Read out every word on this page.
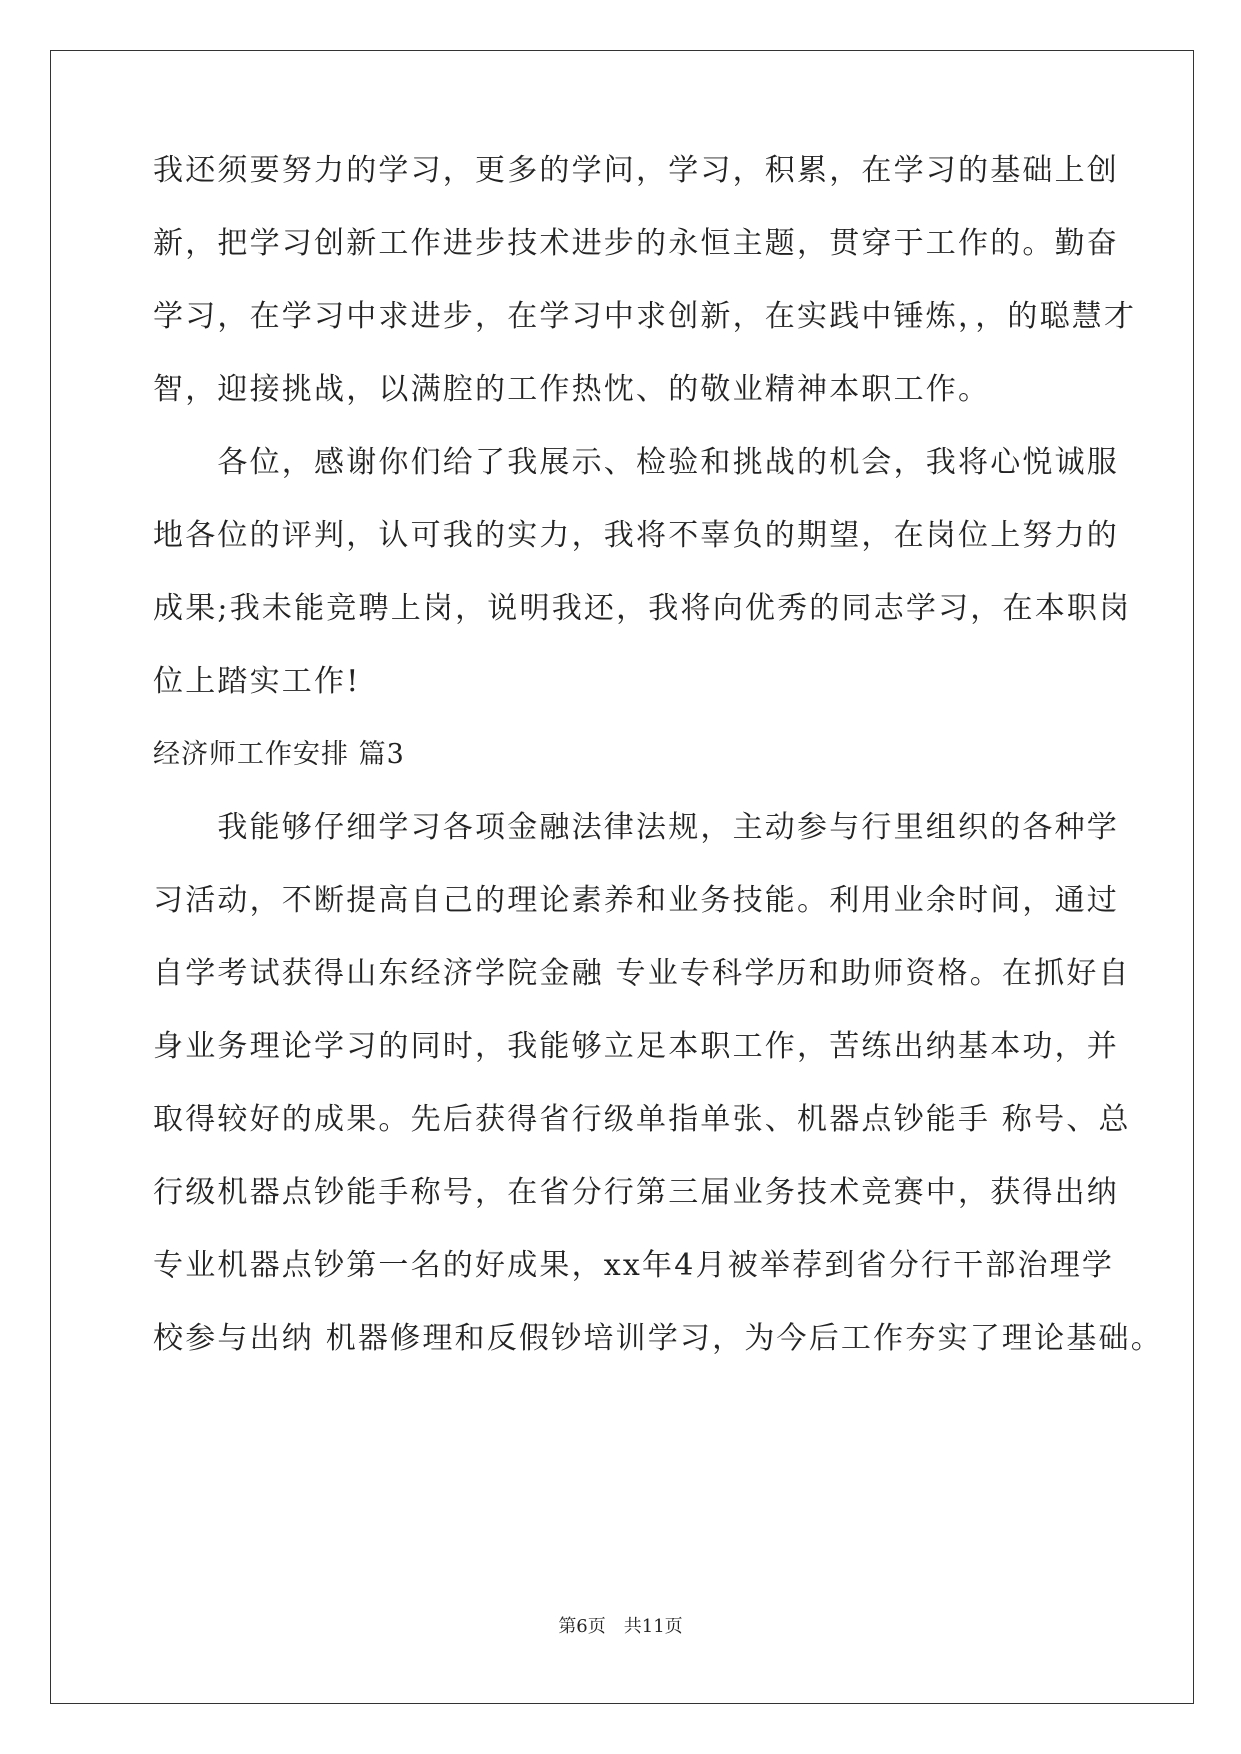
我还须要努力的学习，更多的学问，学习，积累，在学习的基础上创
新，把学习创新工作进步技术进步的永恒主题，贯穿于工作的。勤奋
学习，在学习中求进步，在学习中求创新，在实践中锤炼，，的聪慧才
智，迎接挑战，以满腔的工作热忱、的敬业精神本职工作。
　　各位，感谢你们给了我展示、检验和挑战的机会，我将心悦诚服
地各位的评判，认可我的实力，我将不辜负的期望，在岗位上努力的
成果;我未能竞聘上岗，说明我还，我将向优秀的同志学习，在本职岗
位上踏实工作!
经济师工作安排 篇3
　　我能够仔细学习各项金融法律法规，主动参与行里组织的各种学
习活动，不断提高自己的理论素养和业务技能。利用业余时间，通过
自学考试获得山东经济学院金融 专业专科学历和助师资格。在抓好自
身业务理论学习的同时，我能够立足本职工作，苦练出纳基本功，并
取得较好的成果。先后获得省行级单指单张、机器点钞能手 称号、总
行级机器点钞能手称号，在省分行第三届业务技术竞赛中，获得出纳
专业机器点钞第一名的好成果，xx年4月被举荐到省分行干部治理学
校参与出纳 机器修理和反假钞培训学习，为今后工作夯实了理论基础。
第6页　共11页
